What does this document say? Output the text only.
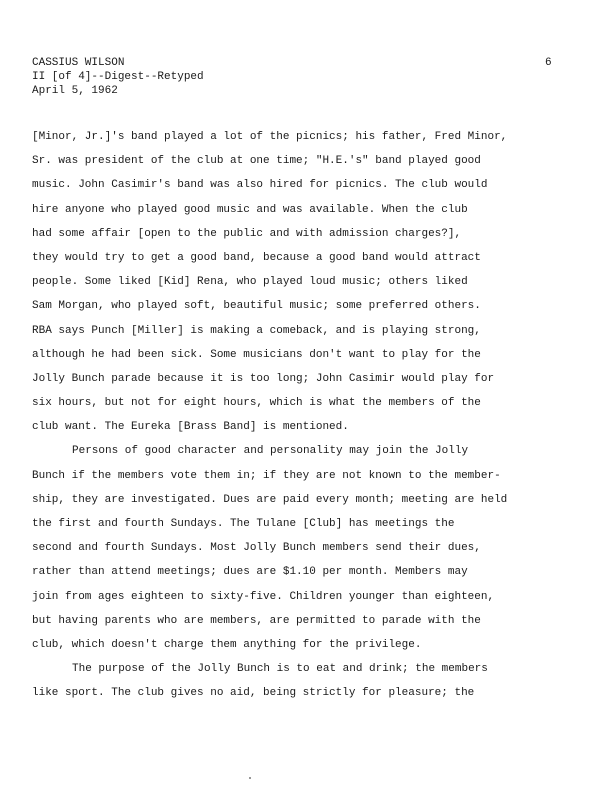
CASSIUS WILSON
II [of 4]--Digest--Retyped
April 5, 1962
6
[Minor, Jr.]'s band played a lot of the picnics; his father, Fred Minor,
Sr. was president of the club at one time; "H.E.'s" band played good
music. John Casimir's band was also hired for picnics. The club would
hire anyone who played good music and was available. When the club
had some affair [open to the public and with admission charges?],
they would try to get a good band, because a good band would attract
people. Some liked [Kid] Rena, who played loud music; others liked
Sam Morgan, who played soft, beautiful music; some preferred others.
RBA says Punch [Miller] is making a comeback, and is playing strong,
although he had been sick. Some musicians don't want to play for the
Jolly Bunch parade because it is too long; John Casimir would play for
six hours, but not for eight hours, which is what the members of the
club want. The Eureka [Brass Band] is mentioned.
Persons of good character and personality may join the Jolly
Bunch if the members vote them in; if they are not known to the member-
ship, they are investigated. Dues are paid every month; meeting are held
the first and fourth Sundays. The Tulane [Club] has meetings the
second and fourth Sundays. Most Jolly Bunch members send their dues,
rather than attend meetings; dues are $1.10 per month. Members may
join from ages eighteen to sixty-five. Children younger than eighteen,
but having parents who are members, are permitted to parade with the
club, which doesn't charge them anything for the privilege.
The purpose of the Jolly Bunch is to eat and drink; the members
like sport. The club gives no aid, being strictly for pleasure; the
